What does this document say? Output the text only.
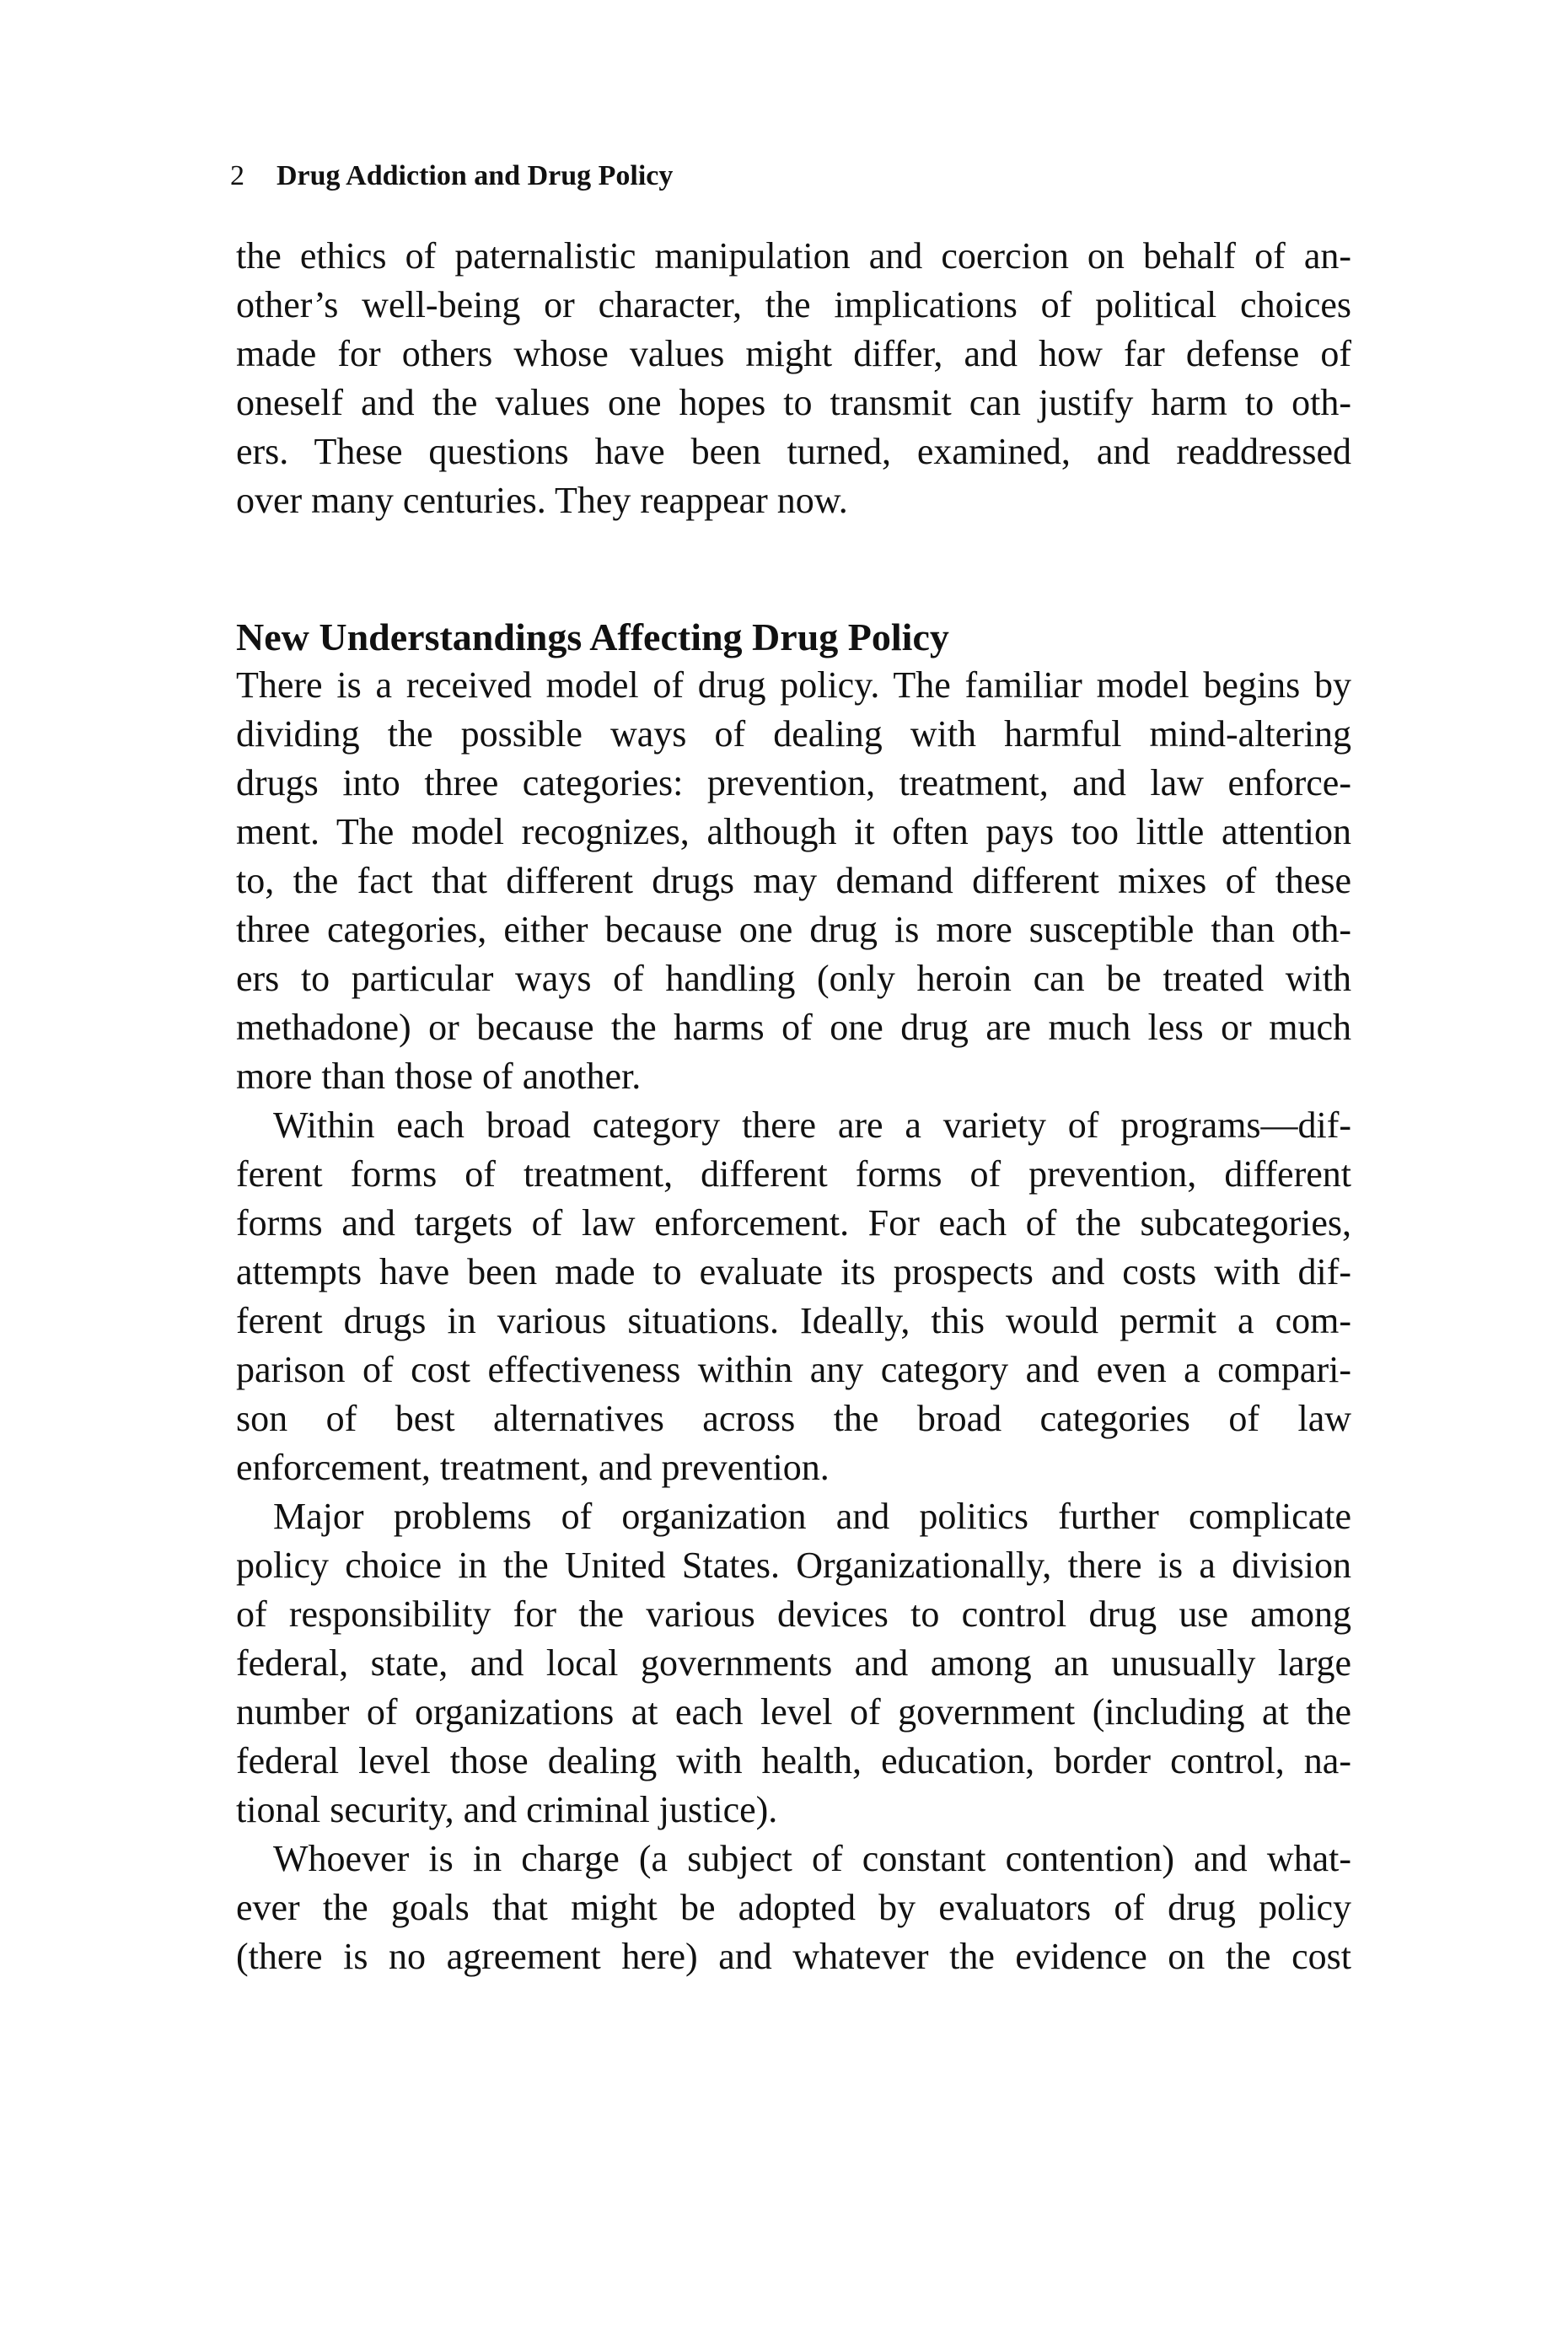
2 Drug Addiction and Drug Policy
the ethics of paternalistic manipulation and coercion on behalf of an-
other’s well-being or character, the implications of political choices
made for others whose values might differ, and how far defense of
oneself and the values one hopes to transmit can justify harm to oth-
ers. These questions have been turned, examined, and readdressed
over many centuries. They reappear now.
New Understandings Affecting Drug Policy
There is a received model of drug policy. The familiar model begins by
dividing the possible ways of dealing with harmful mind-altering
drugs into three categories: prevention, treatment, and law enforce-
ment. The model recognizes, although it often pays too little attention
to, the fact that different drugs may demand different mixes of these
three categories, either because one drug is more susceptible than oth-
ers to particular ways of handling (only heroin can be treated with
methadone) or because the harms of one drug are much less or much
more than those of another.
Within each broad category there are a variety of programs—dif-
ferent forms of treatment, different forms of prevention, different
forms and targets of law enforcement. For each of the subcategories,
attempts have been made to evaluate its prospects and costs with dif-
ferent drugs in various situations. Ideally, this would permit a com-
parison of cost effectiveness within any category and even a compari-
son of best alternatives across the broad categories of law
enforcement, treatment, and prevention.
Major problems of organization and politics further complicate
policy choice in the United States. Organizationally, there is a division
of responsibility for the various devices to control drug use among
federal, state, and local governments and among an unusually large
number of organizations at each level of government (including at the
federal level those dealing with health, education, border control, na-
tional security, and criminal justice).
Whoever is in charge (a subject of constant contention) and what-
ever the goals that might be adopted by evaluators of drug policy
(there is no agreement here) and whatever the evidence on the cost
